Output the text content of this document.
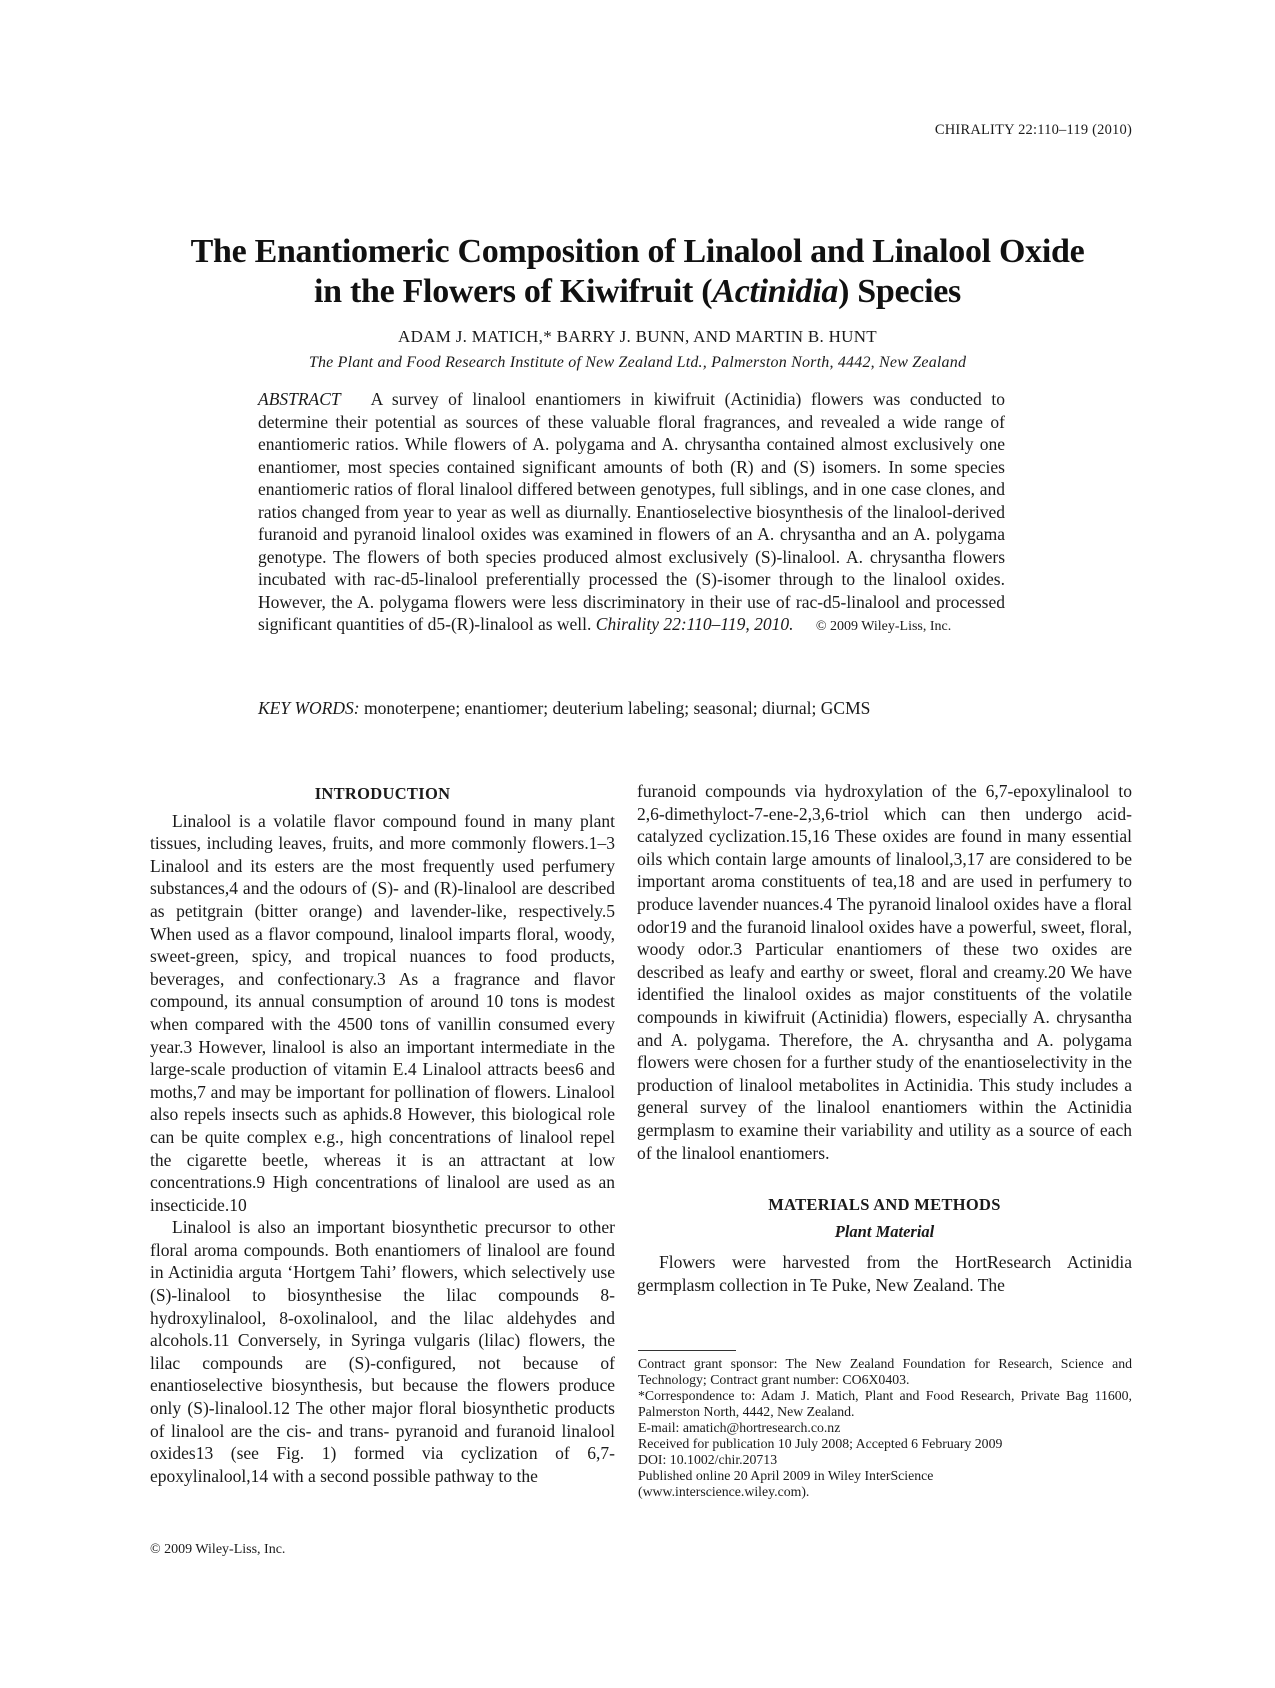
CHIRALITY 22:110–119 (2010)
The Enantiomeric Composition of Linalool and Linalool Oxide
in the Flowers of Kiwifruit (Actinidia) Species
ADAM J. MATICH,* BARRY J. BUNN, AND MARTIN B. HUNT
The Plant and Food Research Institute of New Zealand Ltd., Palmerston North, 4442, New Zealand
ABSTRACT A survey of linalool enantiomers in kiwifruit (Actinidia) flowers was conducted to determine their potential as sources of these valuable floral fragrances, and revealed a wide range of enantiomeric ratios. While flowers of A. polygama and A. chrysantha contained almost exclusively one enantiomer, most species contained significant amounts of both (R) and (S) isomers. In some species enantiomeric ratios of floral linalool differed between genotypes, full siblings, and in one case clones, and ratios changed from year to year as well as diurnally. Enantioselective biosynthesis of the linalool-derived furanoid and pyranoid linalool oxides was examined in flowers of an A. chrysantha and an A. polygama genotype. The flowers of both species produced almost exclusively (S)-linalool. A. chrysantha flowers incubated with rac-d5-linalool preferentially processed the (S)-isomer through to the linalool oxides. However, the A. polygama flowers were less discriminatory in their use of rac-d5-linalool and processed significant quantities of d5-(R)-linalool as well. Chirality 22:110–119, 2010. © 2009 Wiley-Liss, Inc.
KEY WORDS: monoterpene; enantiomer; deuterium labeling; seasonal; diurnal; GCMS
INTRODUCTION

Linalool is a volatile flavor compound found in many plant tissues, including leaves, fruits, and more commonly flowers.1–3 Linalool and its esters are the most frequently used perfumery substances,4 and the odours of (S)- and (R)-linalool are described as petitgrain (bitter orange) and lavender-like, respectively.5 When used as a flavor compound, linalool imparts floral, woody, sweet-green, spicy, and tropical nuances to food products, beverages, and confectionary.3 As a fragrance and flavor compound, its annual consumption of around 10 tons is modest when compared with the 4500 tons of vanillin consumed every year.3 However, linalool is also an important intermediate in the large-scale production of vitamin E.4 Linalool attracts bees6 and moths,7 and may be important for pollination of flowers. Linalool also repels insects such as aphids.8 However, this biological role can be quite complex e.g., high concentrations of linalool repel the cigarette beetle, whereas it is an attractant at low concentrations.9 High concentrations of linalool are used as an insecticide.10

Linalool is also an important biosynthetic precursor to other floral aroma compounds. Both enantiomers of linalool are found in Actinidia arguta ‘Hortgem Tahi’ flowers, which selectively use (S)-linalool to biosynthesise the lilac compounds 8-hydroxylinalool, 8-oxolinalool, and the lilac aldehydes and alcohols.11 Conversely, in Syringa vulgaris (lilac) flowers, the lilac compounds are (S)-configured, not because of enantioselective biosynthesis, but because the flowers produce only (S)-linalool.12 The other major floral biosynthetic products of linalool are the cis- and trans- pyranoid and furanoid linalool oxides13 (see Fig. 1) formed via cyclization of 6,7-epoxylinalool,14 with a second possible pathway to the

furanoid compounds via hydroxylation of the 6,7-epoxylinalool to 2,6-dimethyloct-7-ene-2,3,6-triol which can then undergo acid-catalyzed cyclization.15,16 These oxides are found in many essential oils which contain large amounts of linalool,3,17 are considered to be important aroma constituents of tea,18 and are used in perfumery to produce lavender nuances.4 The pyranoid linalool oxides have a floral odor19 and the furanoid linalool oxides have a powerful, sweet, floral, woody odor.3 Particular enantiomers of these two oxides are described as leafy and earthy or sweet, floral and creamy.20 We have identified the linalool oxides as major constituents of the volatile compounds in kiwifruit (Actinidia) flowers, especially A. chrysantha and A. polygama. Therefore, the A. chrysantha and A. polygama flowers were chosen for a further study of the enantioselectivity in the production of linalool metabolites in Actinidia. This study includes a general survey of the linalool enantiomers within the Actinidia germplasm to examine their variability and utility as a source of each of the linalool enantiomers.

MATERIALS AND METHODS
Plant Material

Flowers were harvested from the HortResearch Actinidia germplasm collection in Te Puke, New Zealand. The

Contract grant sponsor: The New Zealand Foundation for Research, Science and Technology; Contract grant number: CO6X0403.

*Correspondence to: Adam J. Matich, Plant and Food Research, Private Bag 11600, Palmerston North, 4442, New Zealand.

E-mail: amatich@hortresearch.co.nz

Received for publication 10 July 2008; Accepted 6 February 2009

DOI: 10.1002/chir.20713

Published online 20 April 2009 in Wiley InterScience

(www.interscience.wiley.com).

© 2009 Wiley-Liss, Inc.
